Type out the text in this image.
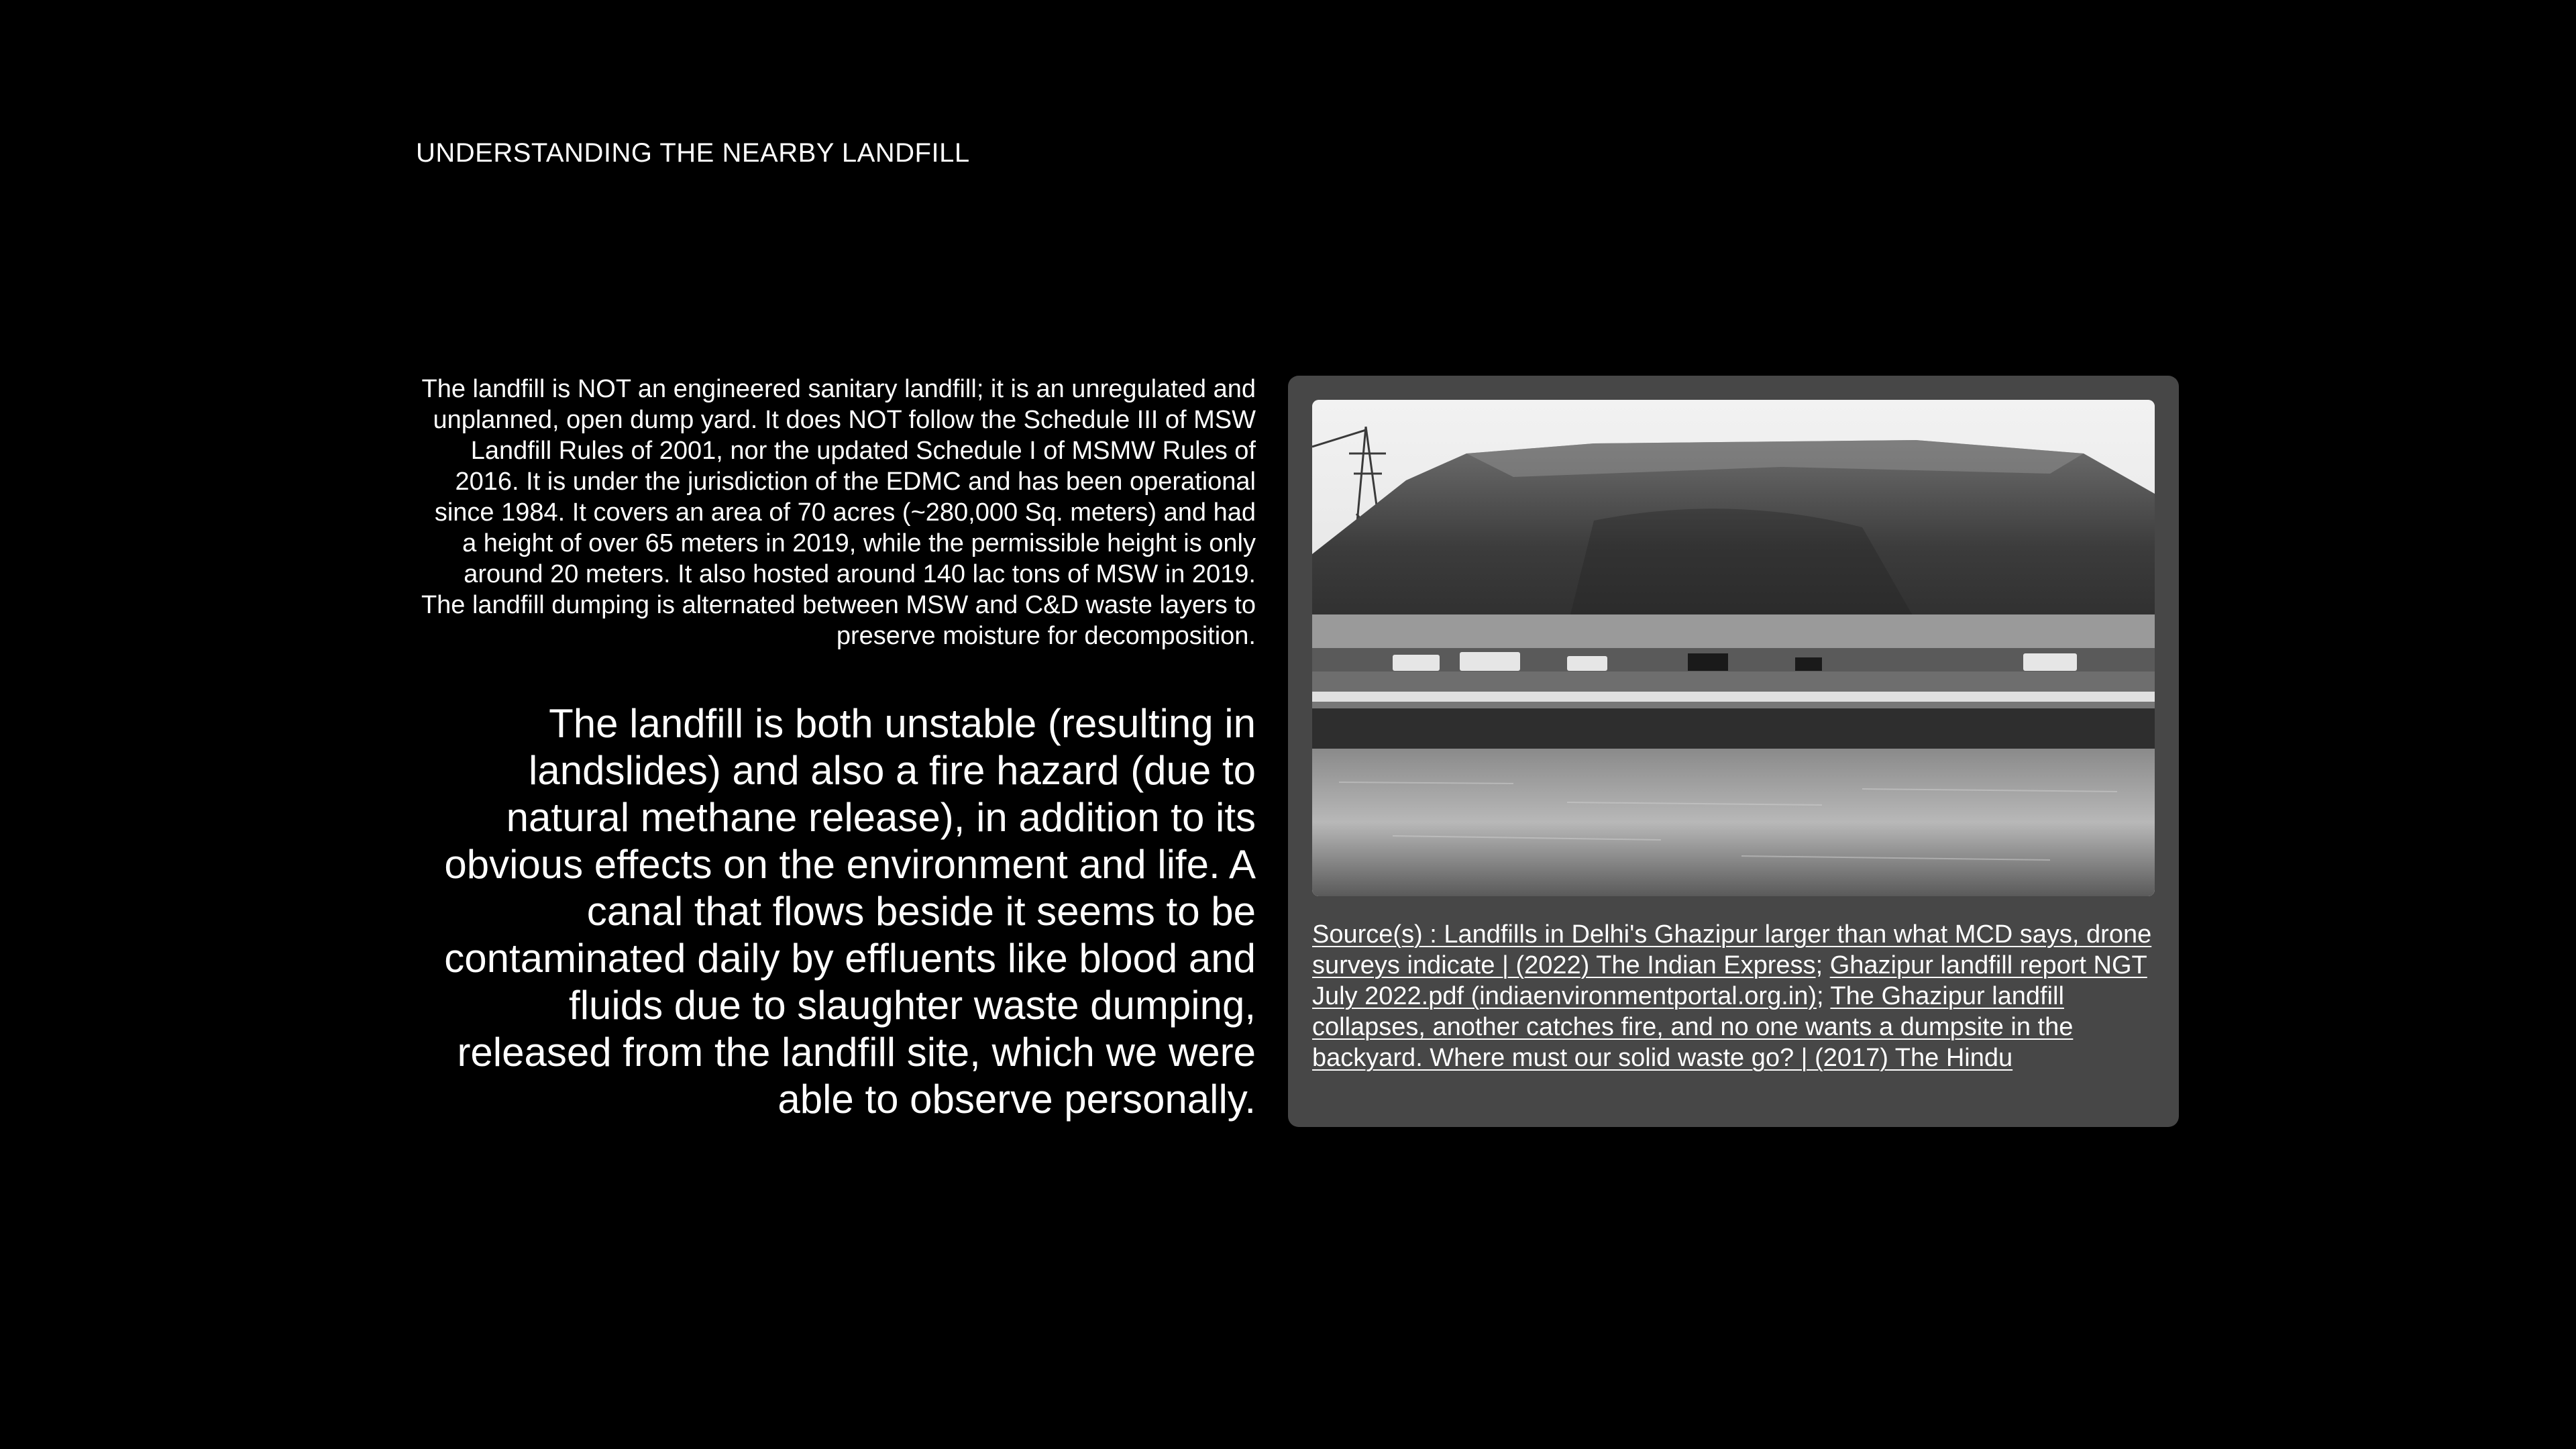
UNDERSTANDING THE NEARBY LANDFILL

The landfill is NOT an engineered sanitary landfill; it is an unregulated and unplanned, open dump yard. It does NOT follow the Schedule III of MSW Landfill Rules of 2001, nor the updated Schedule I of MSMW Rules of 2016. It is under the jurisdiction of the EDMC and has been operational since 1984. It covers an area of 70 acres (~280,000 Sq. meters) and had a height of over 65 meters in 2019, while the permissible height is only around 20 meters. It also hosted around 140 lac tons of MSW in 2019. The landfill dumping is alternated between MSW and C&D waste layers to preserve moisture for decomposition.

The landfill is both unstable (resulting in landslides) and also a fire hazard (due to natural methane release), in addition to its obvious effects on the environment and life. A canal that flows beside it seems to be contaminated daily by effluents like blood and fluids due to slaughter waste dumping, released from the landfill site, which we were able to observe personally.

Source(s) : Landfills in Delhi's Ghazipur larger than what MCD says, drone surveys indicate | (2022) The Indian Express; Ghazipur landfill report NGT July 2022.pdf (indiaenvironmentportal.org.in); The Ghazipur landfill collapses, another catches fire, and no one wants a dumpsite in the backyard. Where must our solid waste go? | (2017) The Hindu
